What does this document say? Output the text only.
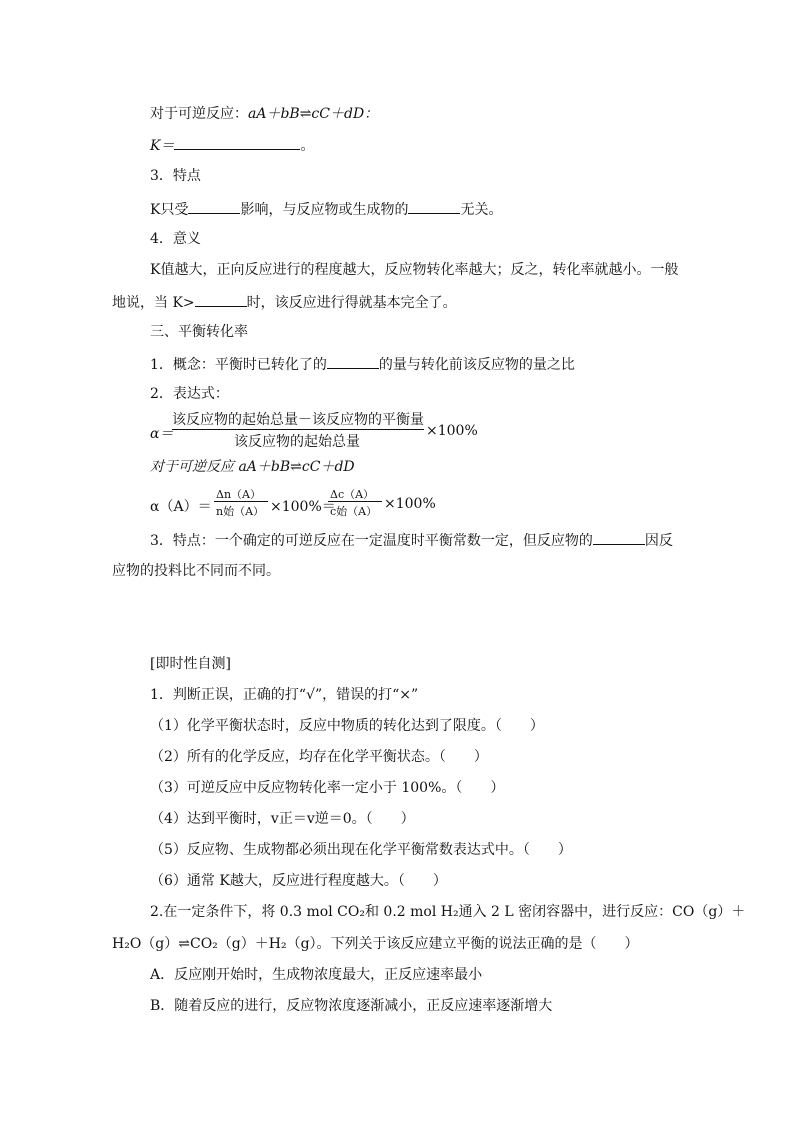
对于可逆反应：aA＋bB⇌cC＋dD：
K＝	。
3．特点
K只受	影响，与反应物或生成物的	无关。
4．意义
K值越大，正向反应进行的程度越大，反应物转化率越大；反之，转化率就越小。一般
地说，当 K>	时，该反应进行得就基本完全了。
三、平衡转化率
1．概念：平衡时已转化了的	的量与转化前该反应物的量之比
2．表达式：
α＝
该反应物的起始总量－该反应物的平衡量
该反应物的起始总量
×100%
对于可逆反应 aA＋bB⇌cC＋dD
α（A）＝
Δn（A）
n始（A） ×100%＝
Δc（A）
c始（A） ×100%
3．特点：一个确定的可逆反应在一定温度时平衡常数一定，但反应物的	因反
应物的投料比不同而不同。
[即时性自测]
1．判断正误，正确的打“√”，错误的打“×”
（1）化学平衡状态时，反应中物质的转化达到了限度。（　　）
（2）所有的化学反应，均存在化学平衡状态。（　　）
（3）可逆反应中反应物转化率一定小于 100%。（　　）
（4）达到平衡时，v正＝v逆＝0。（　　）
（5）反应物、生成物都必须出现在化学平衡常数表达式中。（　　）
（6）通常 K越大，反应进行程度越大。（　　）
2.在一定条件下，将 0.3 mol CO₂和 0.2 mol H₂通入 2 L 密闭容器中，进行反应：CO（g）＋
H₂O（g）⇌CO₂（g）＋H₂（g）。下列关于该反应建立平衡的说法正确的是（　　）
A．反应刚开始时，生成物浓度最大，正反应速率最小
B．随着反应的进行，反应物浓度逐渐减小，正反应速率逐渐增大
